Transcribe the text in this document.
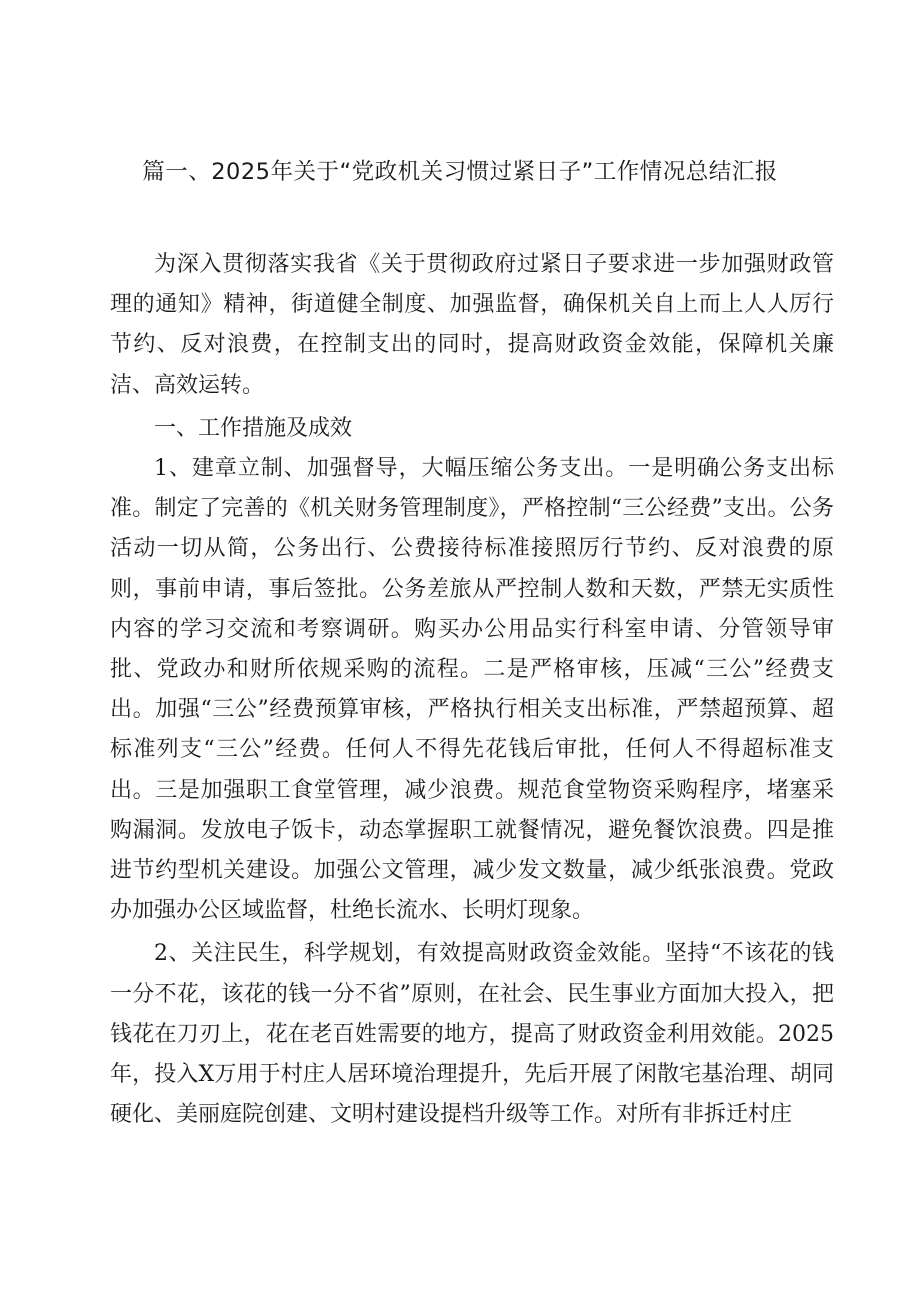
篇一、2025年关于“党政机关习惯过紧日子”工作情况总结汇报

为深入贯彻落实我省《关于贯彻政府过紧日子要求进一步加强财政管理的通知》精神，街道健全制度、加强监督，确保机关自上而上人人厉行节约、反对浪费，在控制支出的同时，提高财政资金效能，保障机关廉洁、高效运转。

一、工作措施及成效

1、建章立制、加强督导，大幅压缩公务支出。一是明确公务支出标准。制定了完善的《机关财务管理制度》，严格控制“三公经费”支出。公务活动一切从简，公务出行、公费接待标准接照厉行节约、反对浪费的原则，事前申请，事后签批。公务差旅从严控制人数和天数，严禁无实质性内容的学习交流和考察调研。购买办公用品实行科室申请、分管领导审批、党政办和财所依规采购的流程。二是严格审核，压减“三公”经费支出。加强“三公”经费预算审核，严格执行相关支出标准，严禁超预算、超标准列支“三公”经费。任何人不得先花钱后审批，任何人不得超标准支出。三是加强职工食堂管理，减少浪费。规范食堂物资采购程序，堵塞采购漏洞。发放电子饭卡，动态掌握职工就餐情况，避免餐饮浪费。四是推进节约型机关建设。加强公文管理，减少发文数量，减少纸张浪费。党政办加强办公区域监督，杜绝长流水、长明灯现象。

2、关注民生，科学规划，有效提高财政资金效能。坚持“不该花的钱一分不花，该花的钱一分不省”原则，在社会、民生事业方面加大投入，把钱花在刀刃上，花在老百姓需要的地方，提高了财政资金利用效能。2025年，投入X万用于村庄人居环境治理提升，先后开展了闲散宅基治理、胡同硬化、美丽庭院创建、文明村建设提档升级等工作。对所有非拆迁村庄
